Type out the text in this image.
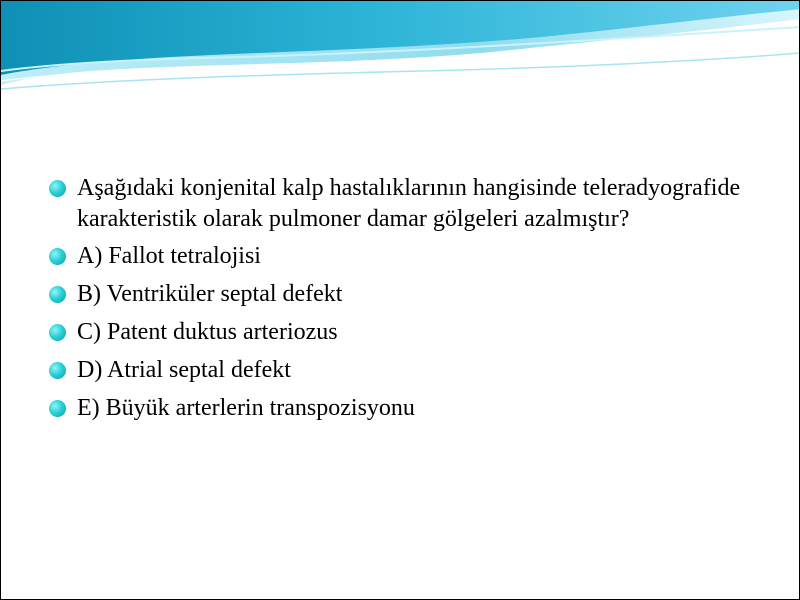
Aşağıdaki konjenital kalp hastalıklarının hangisinde teleradyografide karakteristik olarak pulmoner damar gölgeleri azalmıştır?
A) Fallot tetralojisi
B) Ventriküler septal defekt
C) Patent duktus arteriozus
D) Atrial septal defekt
E) Büyük arterlerin transpozisyonu
